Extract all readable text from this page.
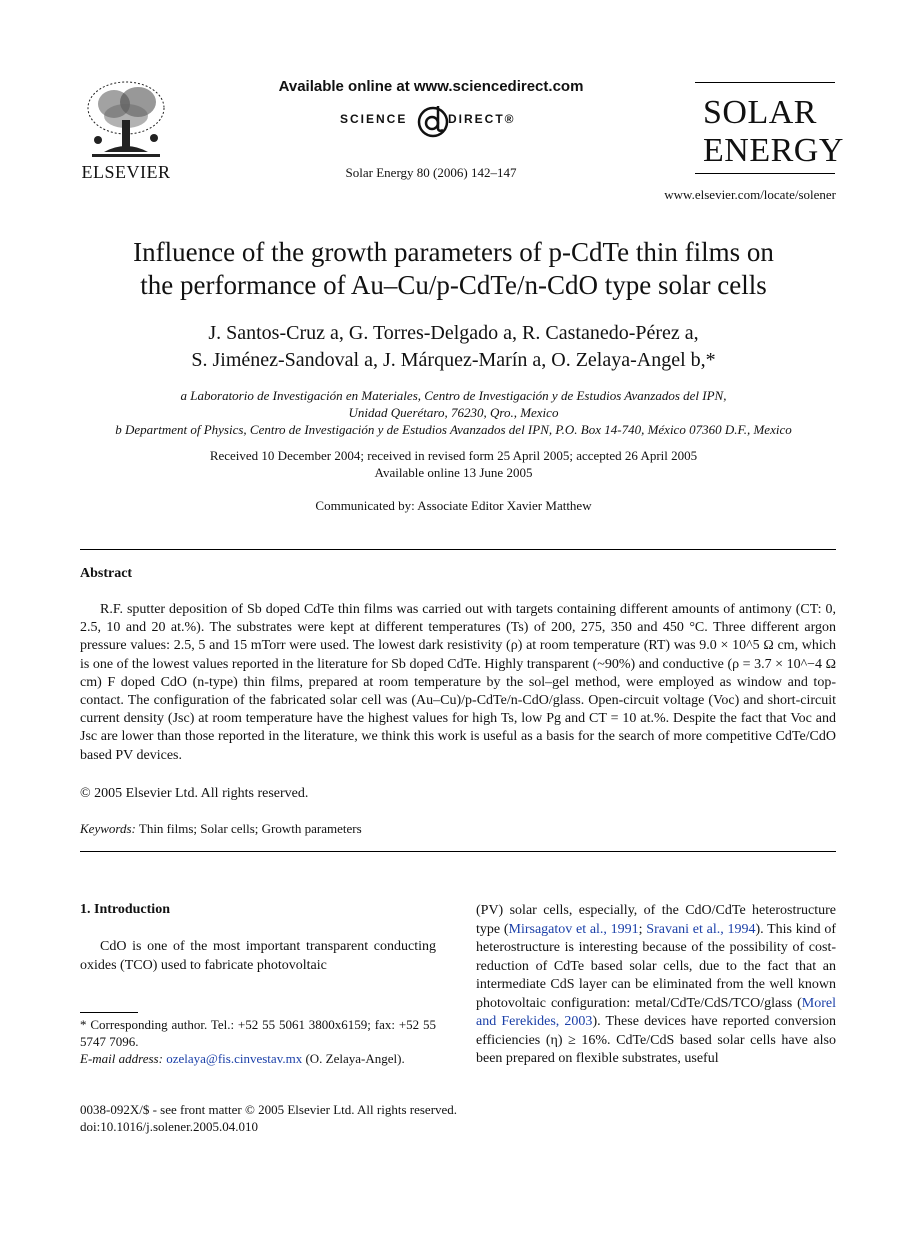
ELSEVIER
Available online at www.sciencedirect.com
SCIENCE	DIRECT®
Solar Energy 80 (2006) 142–147
SOLAR
ENERGY
www.elsevier.com/locate/solener
Influence of the growth parameters of p-CdTe thin films on
the performance of Au–Cu/p-CdTe/n-CdO type solar cells
J. Santos-Cruz a, G. Torres-Delgado a, R. Castanedo-Pérez a,
S. Jiménez-Sandoval a, J. Márquez-Marín a, O. Zelaya-Angel b,*
a Laboratorio de Investigación en Materiales, Centro de Investigación y de Estudios Avanzados del IPN,
Unidad Querétaro, 76230, Qro., Mexico
b Department of Physics, Centro de Investigación y de Estudios Avanzados del IPN, P.O. Box 14-740, México 07360 D.F., Mexico
Received 10 December 2004; received in revised form 25 April 2005; accepted 26 April 2005
Available online 13 June 2005
Communicated by: Associate Editor Xavier Matthew
Abstract

R.F. sputter deposition of Sb doped CdTe thin films was carried out with targets containing different amounts of antimony (CT: 0, 2.5, 10 and 20 at.%). The substrates were kept at different temperatures (Ts) of 200, 275, 350 and 450 °C. Three different argon pressure values: 2.5, 5 and 15 mTorr were used. The lowest dark resistivity (ρ) at room temperature (RT) was 9.0 × 10^5 Ω cm, which is one of the lowest values reported in the literature for Sb doped CdTe. Highly transparent (~90%) and conductive (ρ = 3.7 × 10^−4 Ω cm) F doped CdO (n-type) thin films, prepared at room temperature by the sol–gel method, were employed as window and top-contact. The configuration of the fabricated solar cell was (Au–Cu)/p-CdTe/n-CdO/glass. Open-circuit voltage (Voc) and short-circuit current density (Jsc) at room temperature have the highest values for high Ts, low Pg and CT = 10 at.%. Despite the fact that Voc and Jsc are lower than those reported in the literature, we think this work is useful as a basis for the search of more competitive CdTe/CdO based PV devices.

© 2005 Elsevier Ltd. All rights reserved.
Keywords: Thin films; Solar cells; Growth parameters
1. Introduction

CdO is one of the most important transparent conducting oxides (TCO) used to fabricate photovoltaic

* Corresponding author. Tel.: +52 55 5061 3800x6159; fax: +52 55 5747 7096.
E-mail address: ozelaya@fis.cinvestav.mx (O. Zelaya-Angel).
(PV) solar cells, especially, of the CdO/CdTe heterostructure type (Mirsagatov et al., 1991; Sravani et al., 1994). This kind of heterostructure is interesting because of the possibility of cost-reduction of CdTe based solar cells, due to the fact that an intermediate CdS layer can be eliminated from the well known photovoltaic configuration: metal/CdTe/CdS/TCO/glass (Morel and Ferekides, 2003). These devices have reported conversion efficiencies (η) ≥ 16%. CdTe/CdS based solar cells have also been prepared on flexible substrates, useful
0038-092X/$ - see front matter © 2005 Elsevier Ltd. All rights reserved.
doi:10.1016/j.solener.2005.04.010
